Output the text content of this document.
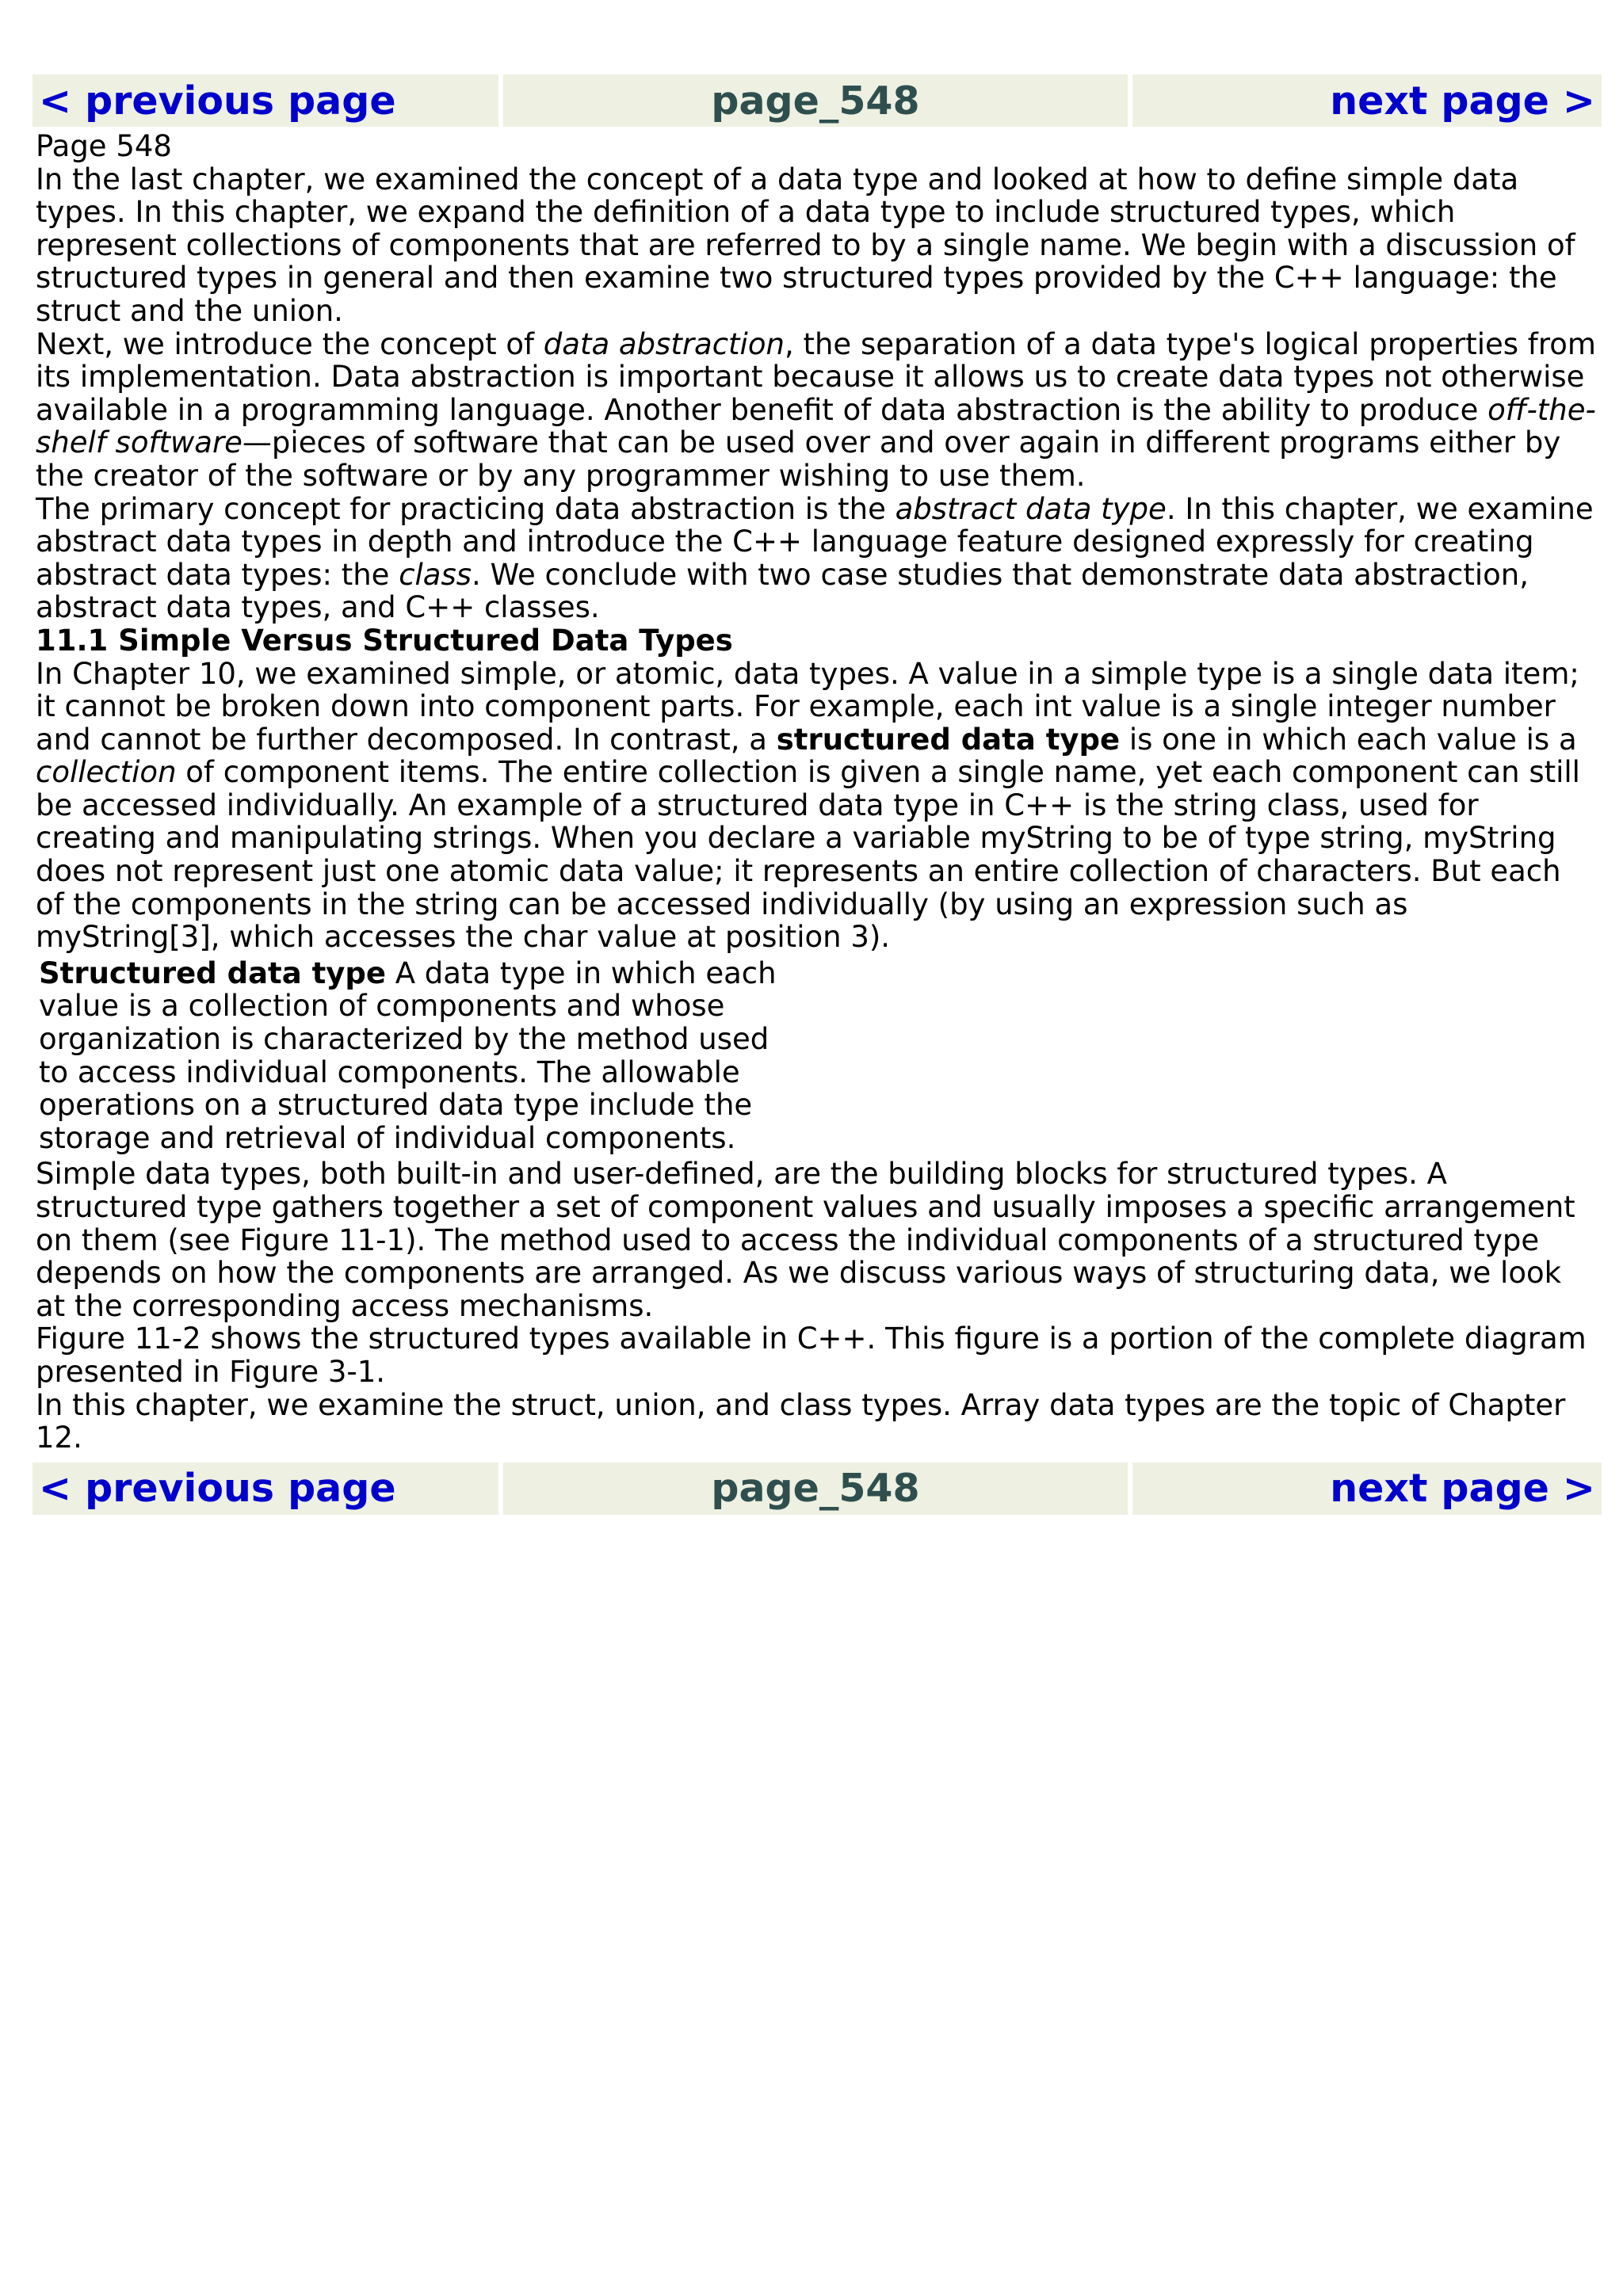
< previous page	page_548	next page >

Page 548

In the last chapter, we examined the concept of a data type and looked at how to define simple data types. In this chapter, we expand the definition of a data type to include structured types, which represent collections of components that are referred to by a single name. We begin with a discussion of structured types in general and then examine two structured types provided by the C++ language: the struct and the union.

Next, we introduce the concept of data abstraction, the separation of a data type's logical properties from its implementation. Data abstraction is important because it allows us to create data types not otherwise available in a programming language. Another benefit of data abstraction is the ability to produce off-the-shelf software—pieces of software that can be used over and over again in different programs either by the creator of the software or by any programmer wishing to use them.

The primary concept for practicing data abstraction is the abstract data type. In this chapter, we examine abstract data types in depth and introduce the C++ language feature designed expressly for creating abstract data types: the class. We conclude with two case studies that demonstrate data abstraction, abstract data types, and C++ classes.

11.1 Simple Versus Structured Data Types

In Chapter 10, we examined simple, or atomic, data types. A value in a simple type is a single data item; it cannot be broken down into component parts. For example, each int value is a single integer number and cannot be further decomposed. In contrast, a structured data type is one in which each value is a collection of component items. The entire collection is given a single name, yet each component can still be accessed individually. An example of a structured data type in C++ is the string class, used for creating and manipulating strings. When you declare a variable myString to be of type string, myString does not represent just one atomic data value; it represents an entire collection of characters. But each of the components in the string can be accessed individually (by using an expression such as myString[3], which accesses the char value at position 3).

Structured data type A data type in which each value is a collection of components and whose organization is characterized by the method used to access individual components. The allowable operations on a structured data type include the storage and retrieval of individual components.

Simple data types, both built-in and user-defined, are the building blocks for structured types. A structured type gathers together a set of component values and usually imposes a specific arrangement on them (see Figure 11-1). The method used to access the individual components of a structured type depends on how the components are arranged. As we discuss various ways of structuring data, we look at the corresponding access mechanisms.

Figure 11-2 shows the structured types available in C++. This figure is a portion of the complete diagram presented in Figure 3-1.

In this chapter, we examine the struct, union, and class types. Array data types are the topic of Chapter 12.

< previous page	page_548	next page >
